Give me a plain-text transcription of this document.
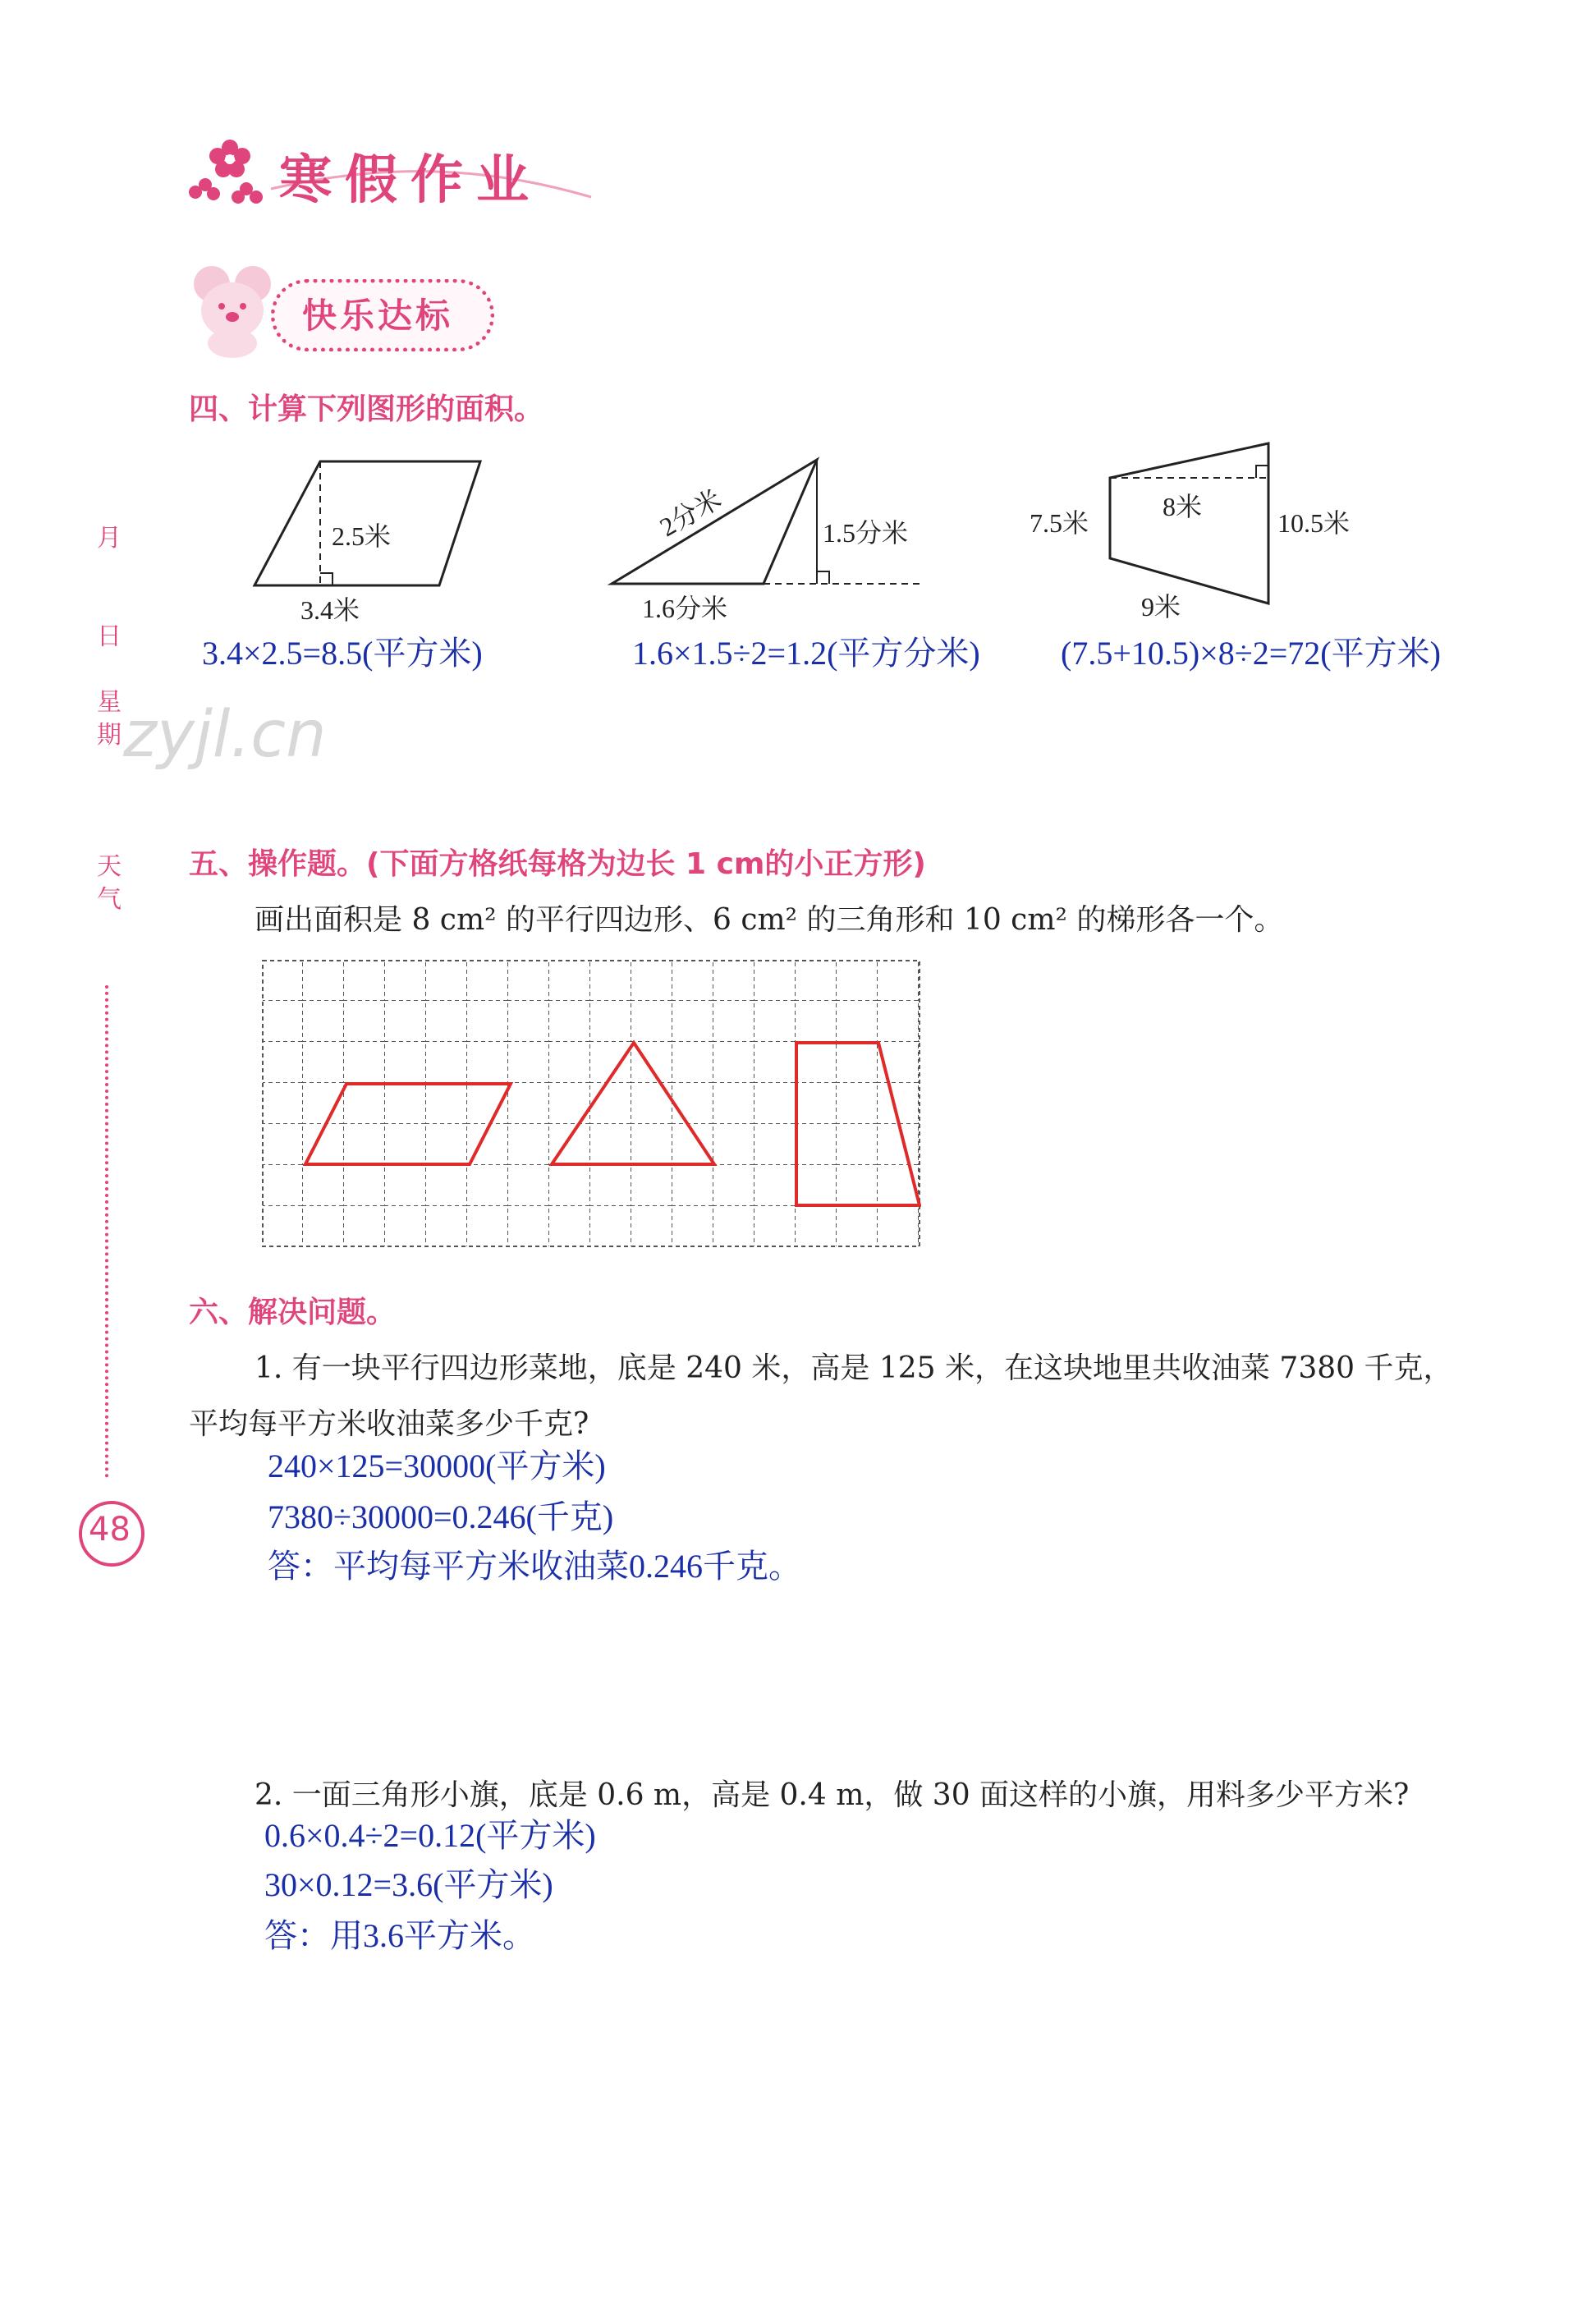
寒假作业
快乐达标
月
日
星
期
天
气
48
zyjl.cn
四、计算下列图形的面积。
2.5米
3.4米
2分米	1.5分米
1.6分米
7.5米
8米
10.5米
9米
3.4×2.5=8.5(平方米)	1.6×1.5÷2=1.2(平方分米) (7.5+10.5)×8÷2=72(平方米)
五、操作题。(下面方格纸每格为边长 1 cm的小正方形)
画出面积是 8 cm² 的平行四边形、6 cm² 的三角形和 10 cm² 的梯形各一个。
六、解决问题。
1. 有一块平行四边形菜地，底是 240 米，高是 125 米，在这块地里共收油菜 7380 千克，
平均每平方米收油菜多少千克?
240×125=30000(平方米)
7380÷30000=0.246(千克)
答：平均每平方米收油菜0.246千克。
2. 一面三角形小旗，底是 0.6 m，高是 0.4 m，做 30 面这样的小旗，用料多少平方米?
0.6×0.4÷2=0.12(平方米)
30×0.12=3.6(平方米)
答：用3.6平方米。
